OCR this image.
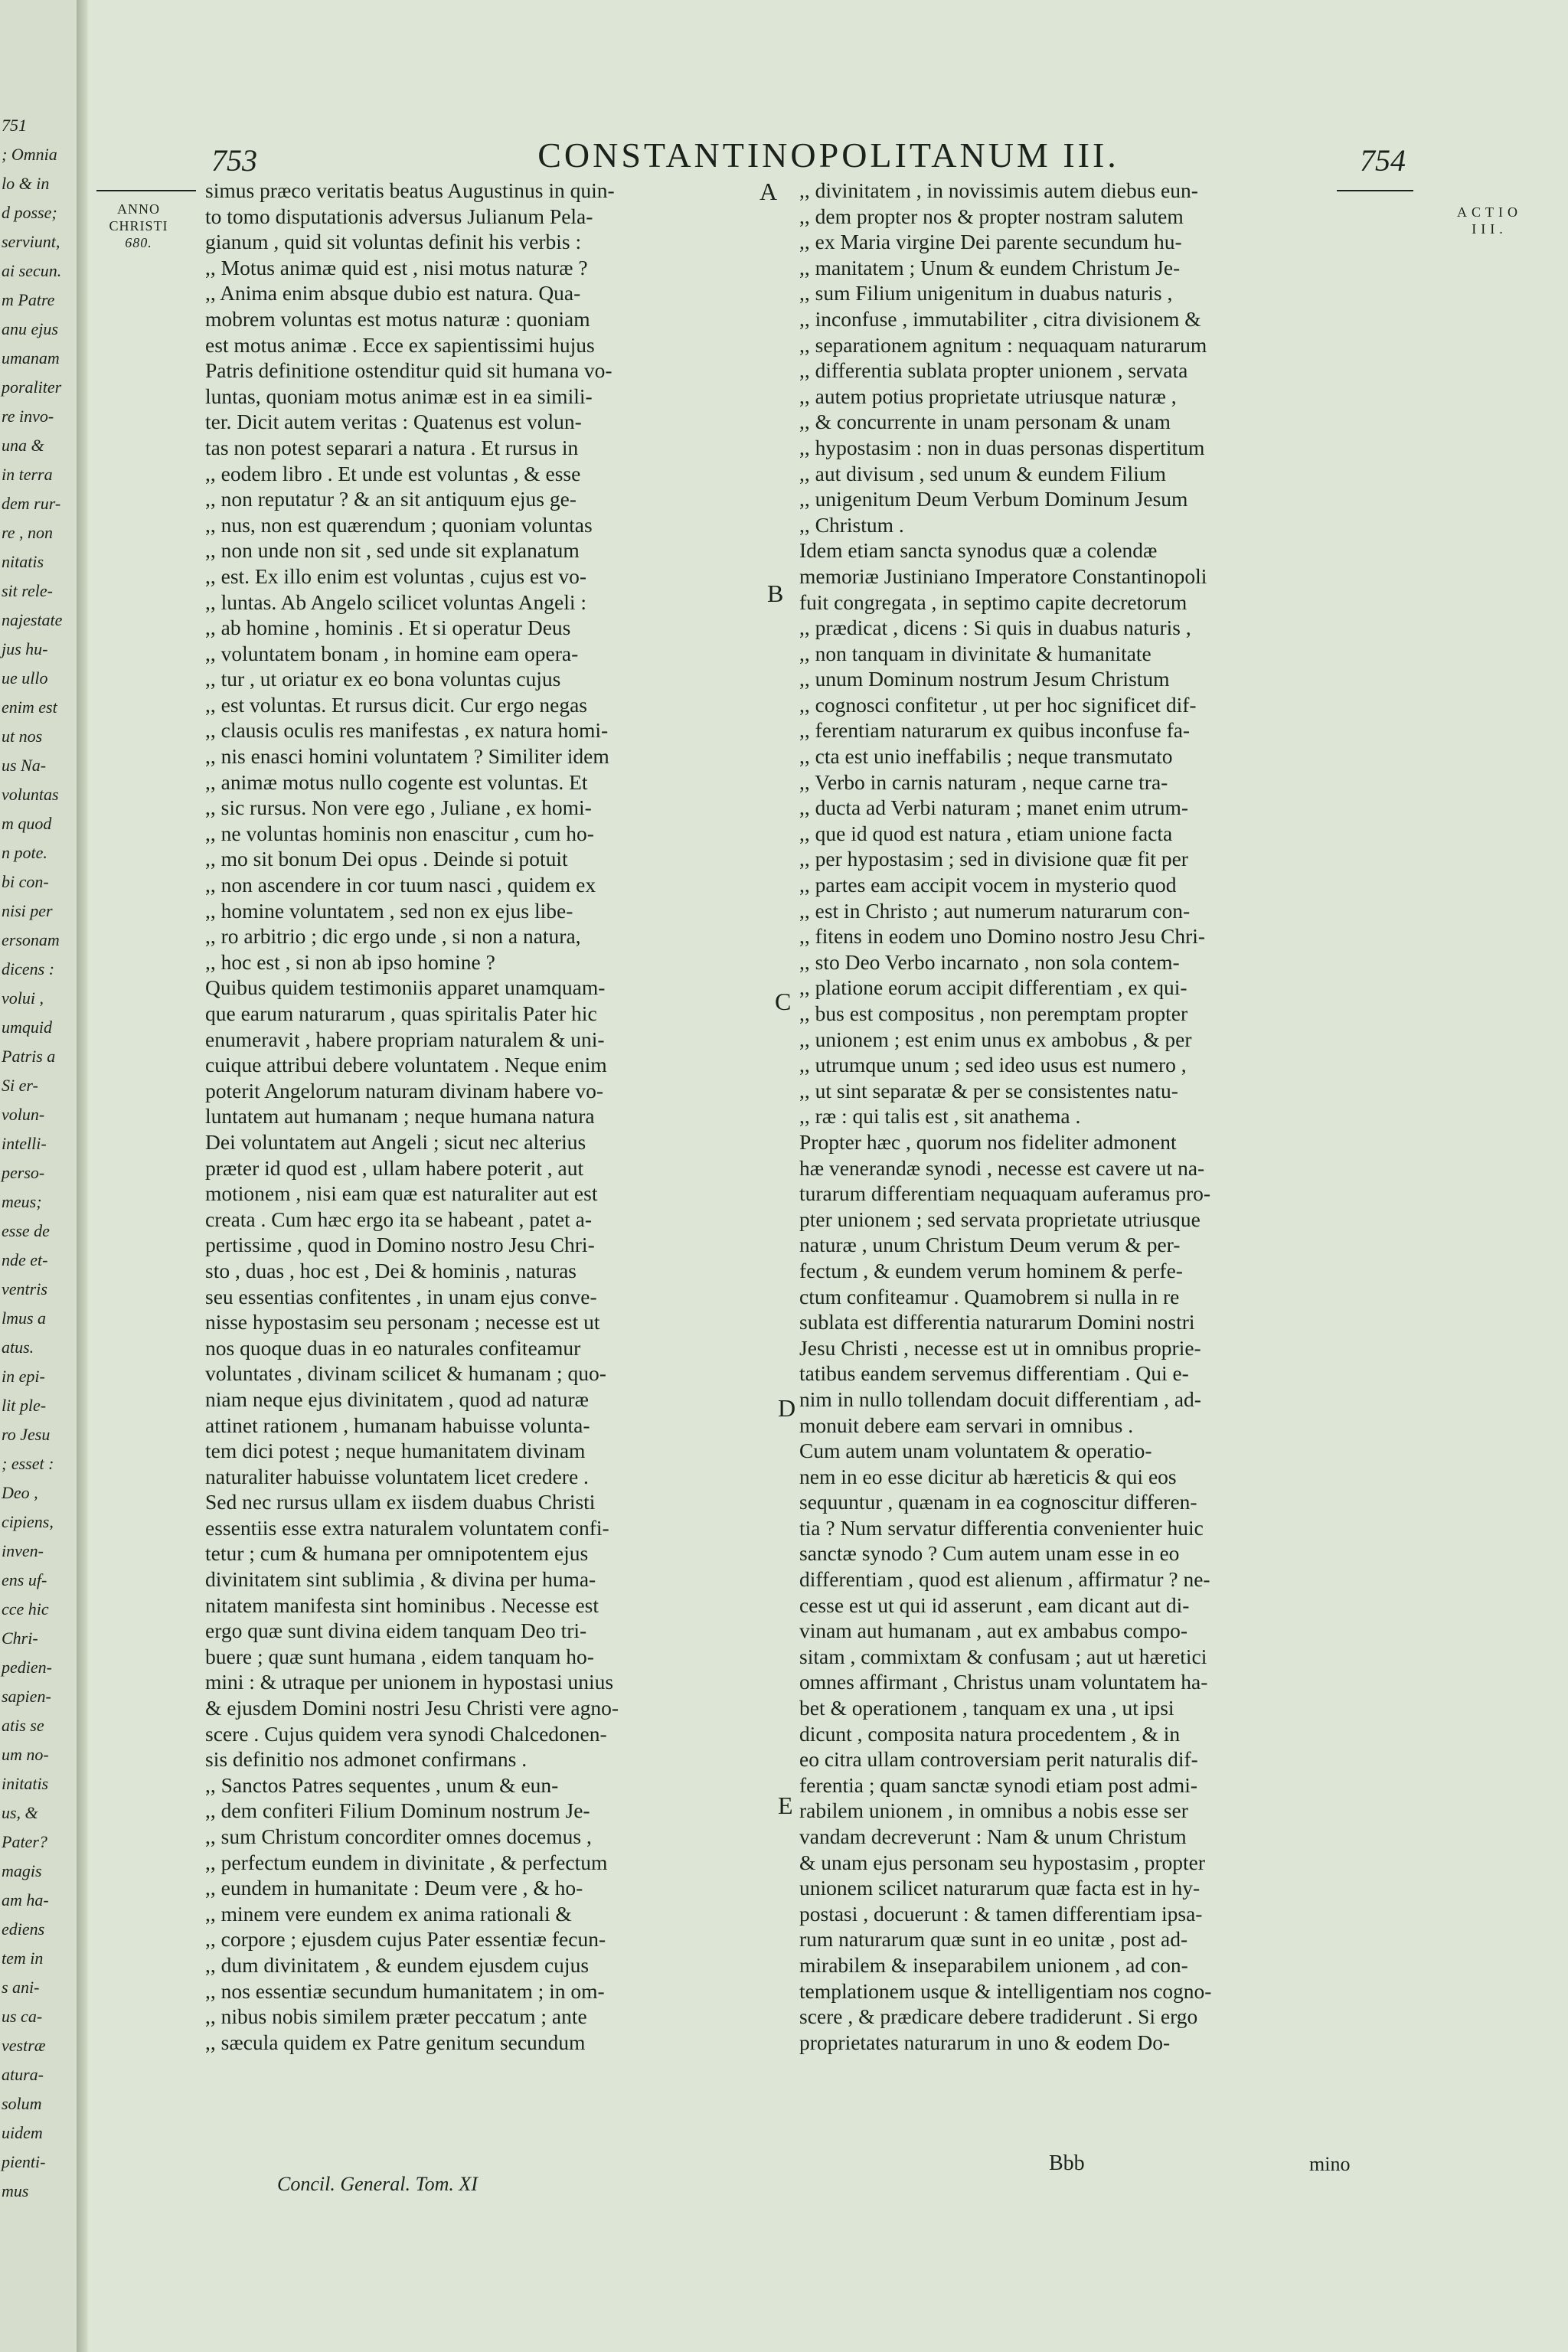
751
; Omnia
lo & in
d posse;
serviunt,
ai secun.
m Patre
anu ejus
umanam
poraliter
re invo-
una &
in terra
dem rur-
re , non
nitatis
sit rele-
najestate
jus hu-
ue ullo
enim est
ut nos
us Na-
voluntas
m quod
n pote.
bi con-
nisi per
ersonam
dicens :
volui ,
umquid
Patris a
Si er-
volun-
intelli-
perso-
meus;
esse de
nde et-
ventris
lmus a
atus.
in epi-
lit ple-
ro Jesu
; esset :
Deo ,
cipiens,
inven-
ens uf-
cce hic
Chri-
pedien-
sapien-
atis se
um no-
initatis
us, &
Pater?
magis
am ha-
ediens
tem in
s ani-
us ca-
vestræ
atura-
solum
uidem
pienti-
mus
753	CONSTANTINOPOLITANUM III.	754
ANNO
CHRISTI
680.
ACTIO
III.
simus præco veritatis beatus Augustinus in quin-
to tomo disputationis adversus Julianum Pela-
gianum , quid sit voluntas definit his verbis :
,, Motus animæ quid est , nisi motus naturæ ?
,, Anima enim absque dubio est natura. Qua-
mobrem voluntas est motus naturæ : quoniam
est motus animæ . Ecce ex sapientissimi hujus
Patris definitione ostenditur quid sit humana vo-
luntas, quoniam motus animæ est in ea simili-
ter. Dicit autem veritas : Quatenus est volun-
tas non potest separari a natura . Et rursus in
,, eodem libro . Et unde est voluntas , & esse
,, non reputatur ? & an sit antiquum ejus ge-
,, nus, non est quærendum ; quoniam voluntas
,, non unde non sit , sed unde sit explanatum
,, est. Ex illo enim est voluntas , cujus est vo-
,, luntas. Ab Angelo scilicet voluntas Angeli :
,, ab homine , hominis . Et si operatur Deus
,, voluntatem bonam , in homine eam opera-
,, tur , ut oriatur ex eo bona voluntas cujus
,, est voluntas. Et rursus dicit. Cur ergo negas
,, clausis oculis res manifestas , ex natura homi-
,, nis enasci homini voluntatem ? Similiter idem
,, animæ motus nullo cogente est voluntas. Et
,, sic rursus. Non vere ego , Juliane , ex homi-
,, ne voluntas hominis non enascitur , cum ho-
,, mo sit bonum Dei opus . Deinde si potuit
,, non ascendere in cor tuum nasci , quidem ex
,, homine voluntatem , sed non ex ejus libe-
,, ro arbitrio ; dic ergo unde , si non a natura,
,, hoc est , si non ab ipso homine ?
Quibus quidem testimoniis apparet unamquam-
que earum naturarum , quas spiritalis Pater hic
enumeravit , habere propriam naturalem & uni-
cuique attribui debere voluntatem . Neque enim
poterit Angelorum naturam divinam habere vo-
luntatem aut humanam ; neque humana natura
Dei voluntatem aut Angeli ; sicut nec alterius
præter id quod est , ullam habere poterit , aut
motionem , nisi eam quæ est naturaliter aut est
creata . Cum hæc ergo ita se habeant , patet a-
pertissime , quod in Domino nostro Jesu Chri-
sto , duas , hoc est , Dei & hominis , naturas
seu essentias confitentes , in unam ejus conve-
nisse hypostasim seu personam ; necesse est ut
nos quoque duas in eo naturales confiteamur
voluntates , divinam scilicet & humanam ; quo-
niam neque ejus divinitatem , quod ad naturæ
attinet rationem , humanam habuisse volunta-
tem dici potest ; neque humanitatem divinam
naturaliter habuisse voluntatem licet credere .
Sed nec rursus ullam ex iisdem duabus Christi
essentiis esse extra naturalem voluntatem confi-
tetur ; cum & humana per omnipotentem ejus
divinitatem sint sublimia , & divina per huma-
nitatem manifesta sint hominibus . Necesse est
ergo quæ sunt divina eidem tanquam Deo tri-
buere ; quæ sunt humana , eidem tanquam ho-
mini : & utraque per unionem in hypostasi unius
& ejusdem Domini nostri Jesu Christi vere agno-
scere . Cujus quidem vera synodi Chalcedonen-
sis definitio nos admonet confirmans .
,, Sanctos Patres sequentes , unum & eun-
,, dem confiteri Filium Dominum nostrum Je-
,, sum Christum concorditer omnes docemus ,
,, perfectum eundem in divinitate , & perfectum
,, eundem in humanitate : Deum vere , & ho-
,, minem vere eundem ex anima rationali &
,, corpore ; ejusdem cujus Pater essentiæ fecun-
,, dum divinitatem , & eundem ejusdem cujus
,, nos essentiæ secundum humanitatem ; in om-
,, nibus nobis similem præter peccatum ; ante
,, sæcula quidem ex Patre genitum secundum
,, divinitatem , in novissimis autem diebus eun-
,, dem propter nos & propter nostram salutem
,, ex Maria virgine Dei parente secundum hu-
,, manitatem ; Unum & eundem Christum Je-
,, sum Filium unigenitum in duabus naturis ,
,, inconfuse , immutabiliter , citra divisionem &
,, separationem agnitum : nequaquam naturarum
,, differentia sublata propter unionem , servata
,, autem potius proprietate utriusque naturæ ,
,, & concurrente in unam personam & unam
,, hypostasim : non in duas personas dispertitum
,, aut divisum , sed unum & eundem Filium
,, unigenitum Deum Verbum Dominum Jesum
,, Christum .
Idem etiam sancta synodus quæ a colendæ
memoriæ Justiniano Imperatore Constantinopoli
fuit congregata , in septimo capite decretorum
,, prædicat , dicens : Si quis in duabus naturis ,
,, non tanquam in divinitate & humanitate
,, unum Dominum nostrum Jesum Christum
,, cognosci confitetur , ut per hoc significet dif-
,, ferentiam naturarum ex quibus inconfuse fa-
,, cta est unio ineffabilis ; neque transmutato
,, Verbo in carnis naturam , neque carne tra-
,, ducta ad Verbi naturam ; manet enim utrum-
,, que id quod est natura , etiam unione facta
,, per hypostasim ; sed in divisione quæ fit per
,, partes eam accipit vocem in mysterio quod
,, est in Christo ; aut numerum naturarum con-
,, fitens in eodem uno Domino nostro Jesu Chri-
,, sto Deo Verbo incarnato , non sola contem-
,, platione eorum accipit differentiam , ex qui-
,, bus est compositus , non peremptam propter
,, unionem ; est enim unus ex ambobus , & per
,, utrumque unum ; sed ideo usus est numero ,
,, ut sint separatæ & per se consistentes natu-
,, ræ : qui talis est , sit anathema .
Propter hæc , quorum nos fideliter admonent
hæ venerandæ synodi , necesse est cavere ut na-
turarum differentiam nequaquam auferamus pro-
pter unionem ; sed servata proprietate utriusque
naturæ , unum Christum Deum verum & per-
fectum , & eundem verum hominem & perfe-
ctum confiteamur . Quamobrem si nulla in re
sublata est differentia naturarum Domini nostri
Jesu Christi , necesse est ut in omnibus proprie-
tatibus eandem servemus differentiam . Qui e-
nim in nullo tollendam docuit differentiam , ad-
monuit debere eam servari in omnibus .
Cum autem unam voluntatem & operatio-
nem in eo esse dicitur ab hæreticis & qui eos
sequuntur , quænam in ea cognoscitur differen-
tia ? Num servatur differentia convenienter huic
sanctæ synodo ? Cum autem unam esse in eo
differentiam , quod est alienum , affirmatur ? ne-
cesse est ut qui id asserunt , eam dicant aut di-
vinam aut humanam , aut ex ambabus compo-
sitam , commixtam & confusam ; aut ut hæretici
omnes affirmant , Christus unam voluntatem ha-
bet & operationem , tanquam ex una , ut ipsi
dicunt , composita natura procedentem , & in
eo citra ullam controversiam perit naturalis dif-
ferentia ; quam sanctæ synodi etiam post admi-
rabilem unionem , in omnibus a nobis esse ser
vandam decreverunt : Nam & unum Christum
& unam ejus personam seu hypostasim , propter
unionem scilicet naturarum quæ facta est in hy-
postasi , docuerunt : & tamen differentiam ipsa-
rum naturarum quæ sunt in eo unitæ , post ad-
mirabilem & inseparabilem unionem , ad con-
templationem usque & intelligentiam nos cogno-
scere , & prædicare debere tradiderunt . Si ergo
proprietates naturarum in uno & eodem Do-
A
B
C
D
E
Concil. General. Tom. XI
Bbb	mino
